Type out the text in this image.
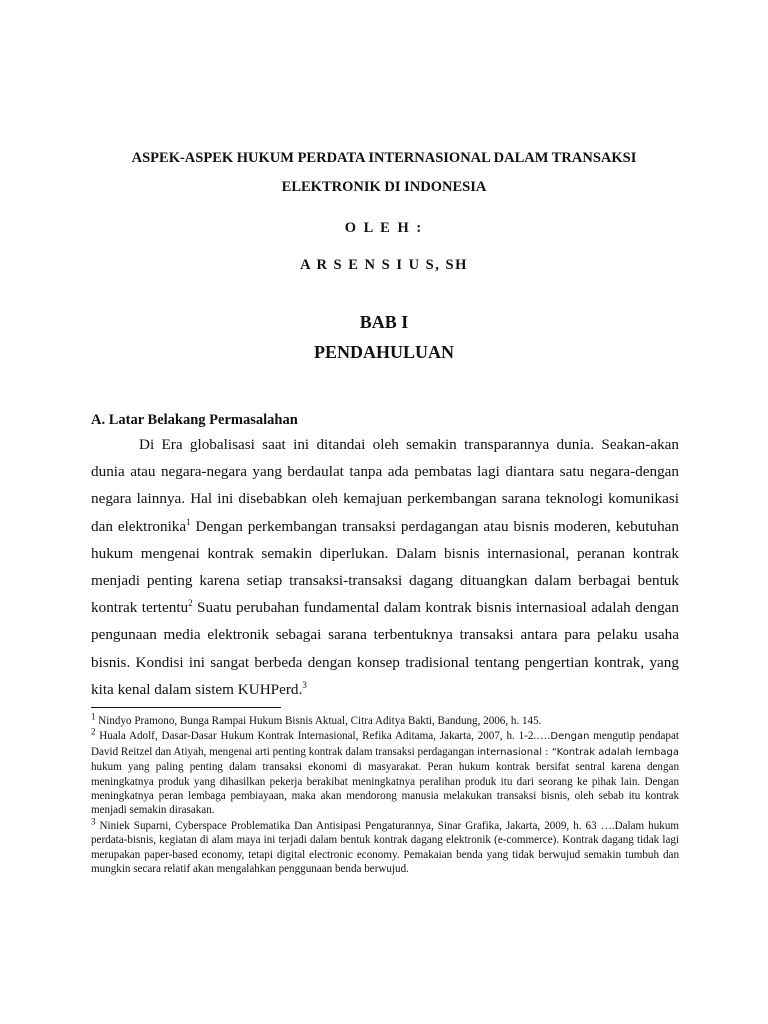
ASPEK-ASPEK HUKUM PERDATA INTERNASIONAL DALAM TRANSAKSI
ELEKTRONIK DI INDONESIA
O L E H :
A R S E N S I U S, SH
BAB I
PENDAHULUAN
A. Latar Belakang Permasalahan

Di Era globalisasi saat ini ditandai oleh semakin transparannya dunia. Seakan-akan dunia atau negara-negara yang berdaulat tanpa ada pembatas lagi diantara satu negara-dengan negara lainnya. Hal ini disebabkan oleh kemajuan perkembangan sarana teknologi komunikasi dan elektronika$^1$ Dengan perkembangan transaksi perdagangan atau bisnis moderen, kebutuhan hukum mengenai kontrak semakin diperlukan. Dalam bisnis internasional, peranan kontrak menjadi penting karena setiap transaksi-transaksi dagang dituangkan dalam berbagai bentuk kontrak tertentu$^2$ Suatu perubahan fundamental dalam kontrak bisnis internasioal adalah dengan pengunaan media elektronik sebagai sarana terbentuknya transaksi antara para pelaku usaha bisnis. Kondisi ini sangat berbeda dengan konsep tradisional tentang pengertian kontrak, yang kita kenal dalam sistem KUHPerd.$^3$

$^1$ Nindyo Pramono, Bunga Rampai Hukum Bisnis Aktual, Citra Aditya Bakti, Bandung, 2006, h. 145.

$^2$ Huala Adolf, Dasar-Dasar Hukum Kontrak Internasional, Refika Aditama, Jakarta, 2007, h. 1-2.….Dengan mengutip pendapat David Reitzel dan Atiyah, mengenai arti penting kontrak dalam transaksi perdagangan internasional : “Kontrak adalah lembaga hukum yang paling penting dalam transaksi ekonomi di masyarakat. Peran hukum kontrak bersifat sentral karena dengan meningkatnya produk yang dihasilkan pekerja berakibat meningkatnya peralihan produk itu dari seorang ke pihak lain. Dengan meningkatnya peran lembaga pembiayaan, maka akan mendorong manusia melakukan transaksi bisnis, oleh sebab itu kontrak menjadi semakin dirasakan.

$^3$ Niniek Suparni, Cyberspace Problematika Dan Antisipasi Pengaturannya, Sinar Grafika, Jakarta, 2009, h. 63 ….Dalam hukum perdata-bisnis, kegiatan di alam maya ini terjadi dalam bentuk kontrak dagang elektronik (e-commerce). Kontrak dagang tidak lagi merupakan paper-based economy, tetapi digital electronic economy. Pemakaian benda yang tidak berwujud semakin tumbuh dan mungkin secara relatif akan mengalahkan penggunaan benda berwujud.
